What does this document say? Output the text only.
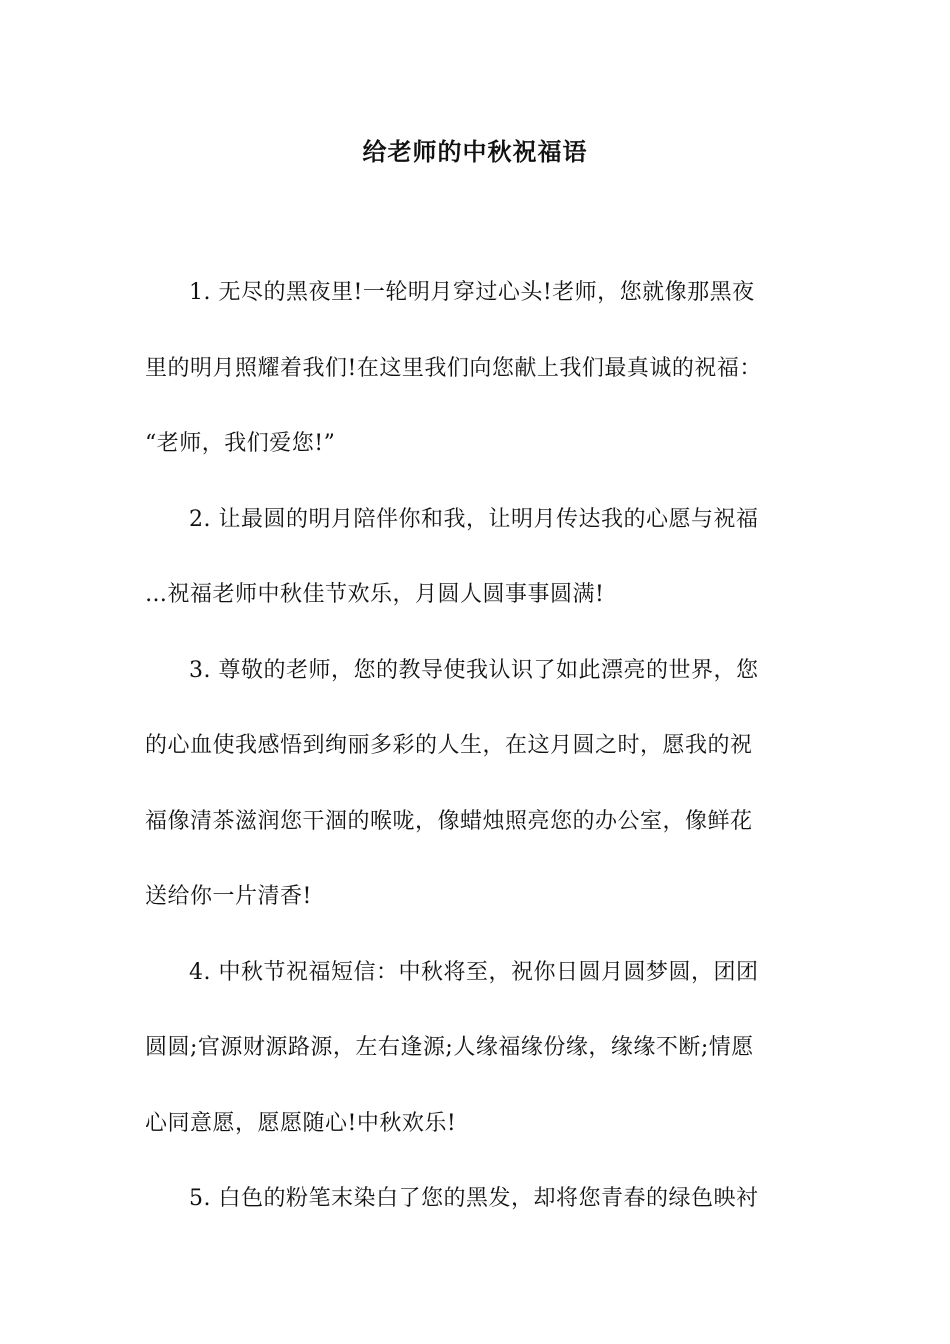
给老师的中秋祝福语

1. 无尽的黑夜里!一轮明月穿过心头!老师，您就像那黑夜
里的明月照耀着我们!在这里我们向您献上我们最真诚的祝福：
“老师，我们爱您!”

2. 让最圆的明月陪伴你和我，让明月传达我的心愿与祝福
…祝福老师中秋佳节欢乐，月圆人圆事事圆满!

3. 尊敬的老师，您的教导使我认识了如此漂亮的世界，您
的心血使我感悟到绚丽多彩的人生，在这月圆之时，愿我的祝
福像清茶滋润您干涸的喉咙，像蜡烛照亮您的办公室，像鲜花
送给你一片清香!

4. 中秋节祝福短信：中秋将至，祝你日圆月圆梦圆，团团
圆圆;官源财源路源，左右逢源;人缘福缘份缘，缘缘不断;情愿
心同意愿，愿愿随心!中秋欢乐!

5. 白色的粉笔末染白了您的黑发，却将您青春的绿色映衬
